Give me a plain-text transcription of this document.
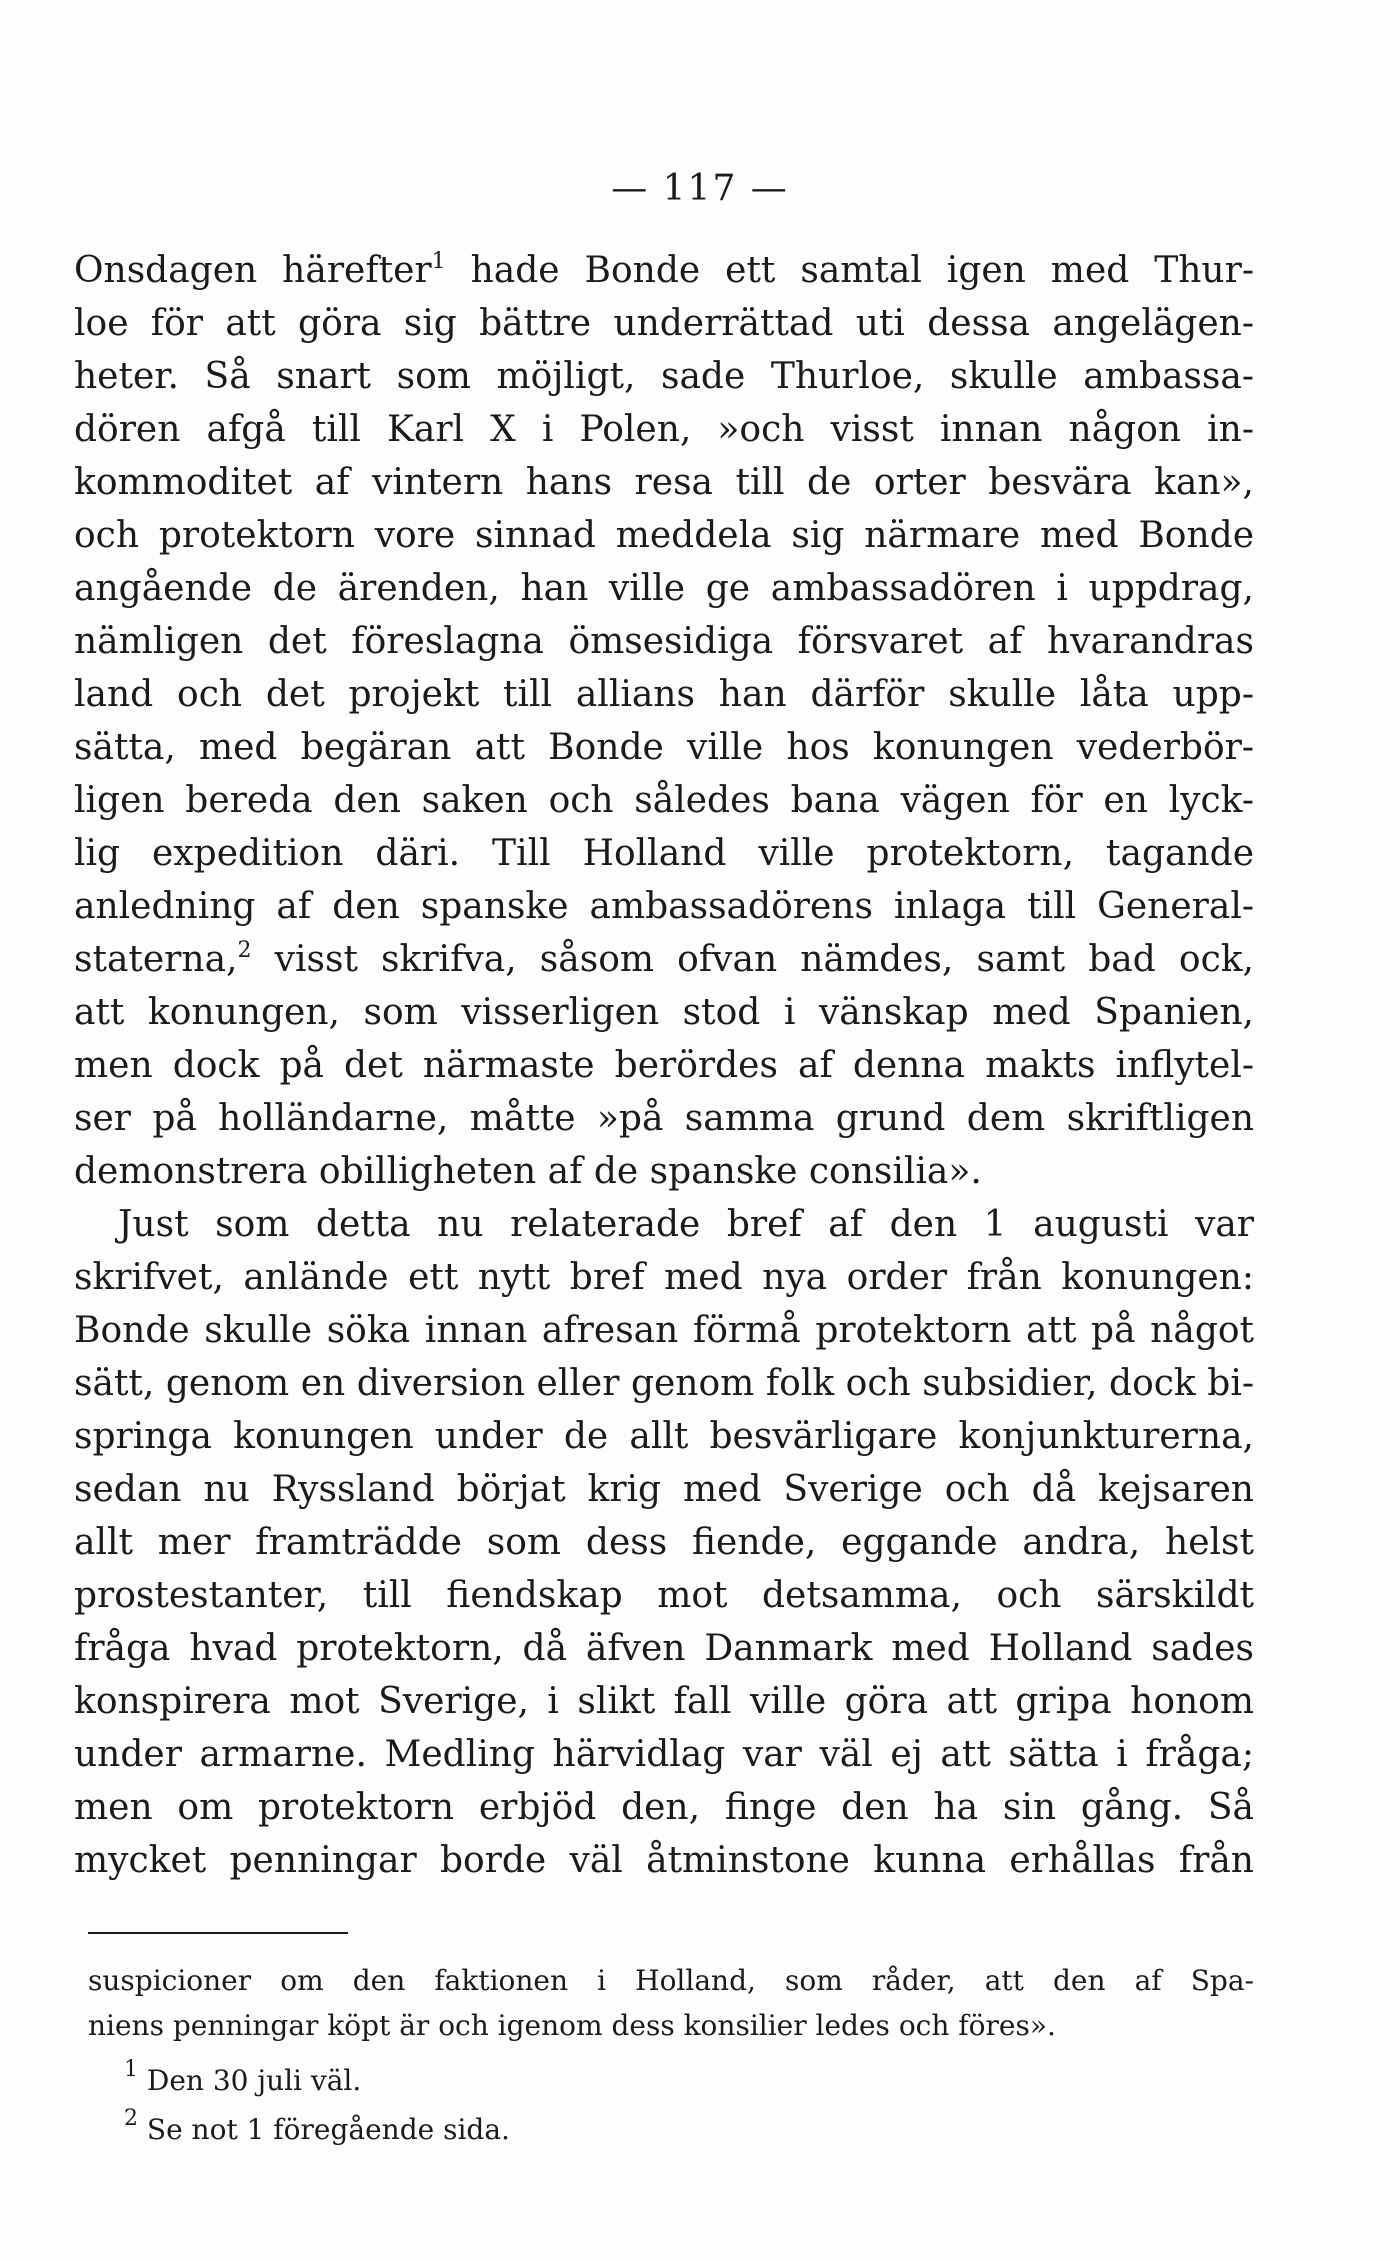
— 117 —
Onsdagen härefter$^1$ hade Bonde ett samtal igen med Thur-
loe för att göra sig bättre underrättad uti dessa angelägen-
heter. Så snart som möjligt, sade Thurloe, skulle ambassa-
dören afgå till Karl X i Polen, »och visst innan någon in-
kommoditet af vintern hans resa till de orter besvära kan»,
och protektorn vore sinnad meddela sig närmare med Bonde
angående de ärenden, han ville ge ambassadören i uppdrag,
nämligen det föreslagna ömsesidiga försvaret af hvarandras
land och det projekt till allians han därför skulle låta upp-
sätta, med begäran att Bonde ville hos konungen vederbör-
ligen bereda den saken och således bana vägen för en lyck-
lig expedition däri. Till Holland ville protektorn, tagande
anledning af den spanske ambassadörens inlaga till General-
staterna,$^2$ visst skrifva, såsom ofvan nämdes, samt bad ock,
att konungen, som visserligen stod i vänskap med Spanien,
men dock på det närmaste berördes af denna makts inflytel-
ser på holländarne, måtte »på samma grund dem skriftligen
demonstrera obilligheten af de spanske consilia».
Just som detta nu relaterade bref af den 1 augusti var
skrifvet, anlände ett nytt bref med nya order från konungen:
Bonde skulle söka innan afresan förmå protektorn att på något
sätt, genom en diversion eller genom folk och subsidier, dock bi-
springa konungen under de allt besvärligare konjunkturerna,
sedan nu Ryssland börjat krig med Sverige och då kejsaren
allt mer framträdde som dess fiende, eggande andra, helst
prostestanter, till fiendskap mot detsamma, och särskildt
fråga hvad protektorn, då äfven Danmark med Holland sades
konspirera mot Sverige, i slikt fall ville göra att gripa honom
under armarne. Medling härvidlag var väl ej att sätta i fråga;
men om protektorn erbjöd den, finge den ha sin gång. Så
mycket penningar borde väl åtminstone kunna erhållas från
suspicioner om den faktionen i Holland, som råder, att den af Spa-
niens penningar köpt är och igenom dess konsilier ledes och föres».
$^1$ Den 30 juli väl.
$^2$ Se not 1 föregående sida.
